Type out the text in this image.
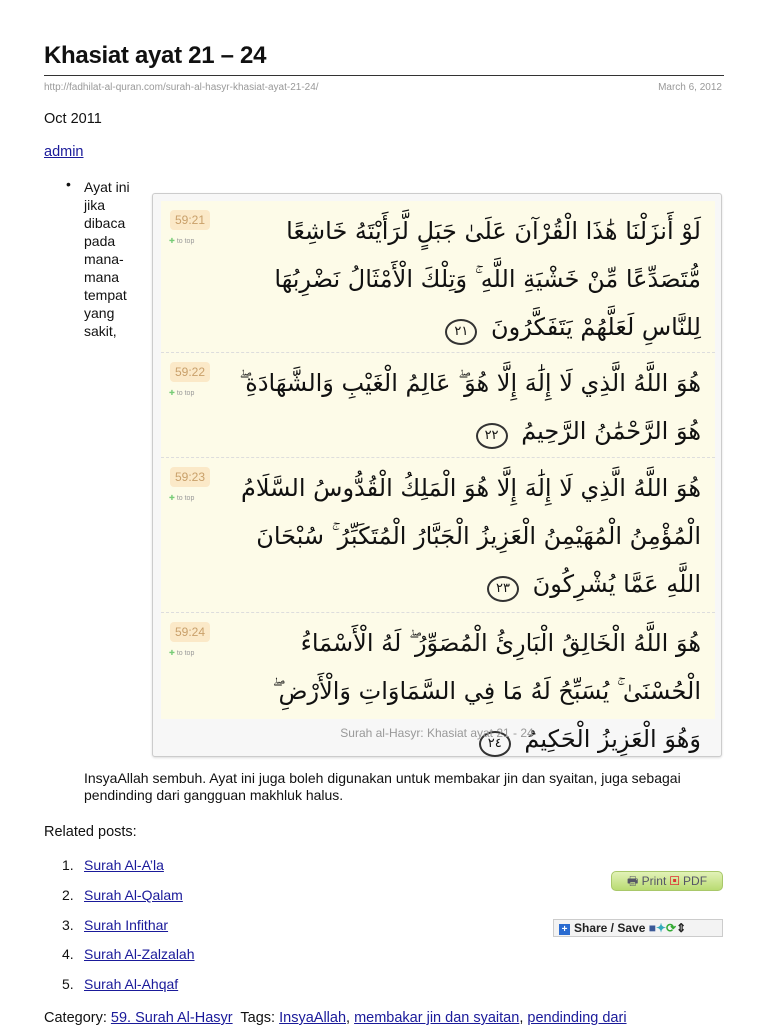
Khasiat ayat 21 – 24
http://fadhilat-al-quran.com/surah-al-hasyr-khasiat-ayat-21-24/	March 6, 2012
Oct 2011
admin
• Ayat ini jika dibaca pada mana-mana tempat yang sakit,
59:21
✚ to top	لَوْ أَنزَلْنَا هَٰذَا الْقُرْآنَ عَلَىٰ جَبَلٍ لَّرَأَيْتَهُ خَاشِعًا مُّتَصَدِّعًا مِّنْ خَشْيَةِ اللَّهِ ۚ وَتِلْكَ الْأَمْثَالُ نَضْرِبُهَا لِلنَّاسِ لَعَلَّهُمْ يَتَفَكَّرُونَ ٢١
59:22
✚ to top	هُوَ اللَّهُ الَّذِي لَا إِلَٰهَ إِلَّا هُوَ ۖ عَالِمُ الْغَيْبِ وَالشَّهَادَةِ ۖ هُوَ الرَّحْمَٰنُ الرَّحِيمُ ٢٢
59:23
✚ to top	هُوَ اللَّهُ الَّذِي لَا إِلَٰهَ إِلَّا هُوَ الْمَلِكُ الْقُدُّوسُ السَّلَامُ الْمُؤْمِنُ الْمُهَيْمِنُ الْعَزِيزُ الْجَبَّارُ الْمُتَكَبِّرُ ۚ سُبْحَانَ اللَّهِ عَمَّا يُشْرِكُونَ ٢٣
59:24
✚ to top	هُوَ اللَّهُ الْخَالِقُ الْبَارِئُ الْمُصَوِّرُ ۖ لَهُ الْأَسْمَاءُ الْحُسْنَىٰ ۚ يُسَبِّحُ لَهُ مَا فِي السَّمَاوَاتِ وَالْأَرْضِ ۖ وَهُوَ الْعَزِيزُ الْحَكِيمُ ٢٤
Surah al-Hasyr: Khasiat ayat 21 - 24
InsyaAllah sembuh. Ayat ini juga boleh digunakan untuk membakar jin dan syaitan, juga sebagai pendinding dari gangguan makhluk halus.
Related posts:
1. Surah Al-A’la
2. Surah Al-Qalam
3. Surah Infithar
4. Surah Al-Zalzalah
5. Surah Al-Ahqaf
🖶 Print ▣ PDF
+ Share / Save ■✦⟳⇕
Category: 59. Surah Al-Hasyr Tags: InsyaAllah, membakar jin dan syaitan, pendinding dari
